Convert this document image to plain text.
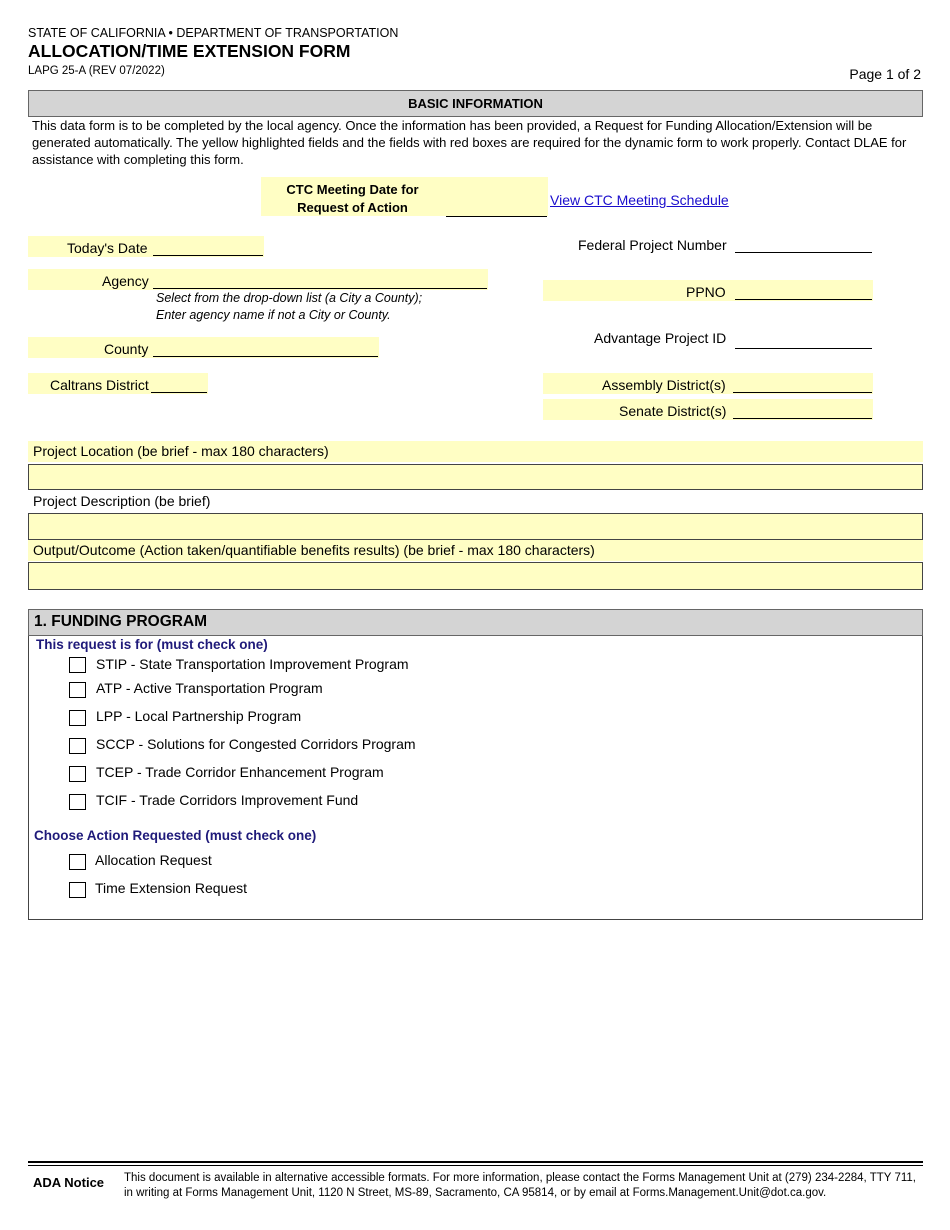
STATE OF CALIFORNIA • DEPARTMENT OF TRANSPORTATION
ALLOCATION/TIME EXTENSION FORM
LAPG 25-A (REV 07/2022)	Page 1 of 2
BASIC INFORMATION
This data form is to be completed by the local agency. Once the information has been provided, a Request for Funding Allocation/Extension will be generated automatically. The yellow highlighted fields and the fields with red boxes are required for the dynamic form to work properly. Contact DLAE for assistance with completing this form.
CTC Meeting Date for Request of Action	View CTC Meeting Schedule
Today's Date
Agency
Select from the drop-down list (a City a County);
Enter agency name if not a City or County.
County
Caltrans District
Federal Project Number
PPNO
Advantage Project ID
Assembly District(s)
Senate District(s)
Project Location (be brief - max 180 characters)
Project Description (be brief)
Output/Outcome (Action taken/quantifiable benefits results) (be brief - max 180 characters)
1. FUNDING PROGRAM
This request is for (must check one)
STIP - State Transportation Improvement Program
ATP - Active Transportation Program
LPP - Local Partnership Program
SCCP - Solutions for Congested Corridors Program
TCEP - Trade Corridor Enhancement Program
TCIF - Trade Corridors Improvement Fund
Choose Action Requested (must check one)
Allocation Request
Time Extension Request
ADA Notice This document is available in alternative accessible formats. For more information, please contact the Forms Management Unit at (279) 234-2284, TTY 711, in writing at Forms Management Unit, 1120 N Street, MS-89, Sacramento, CA 95814, or by email at Forms.Management.Unit@dot.ca.gov.
